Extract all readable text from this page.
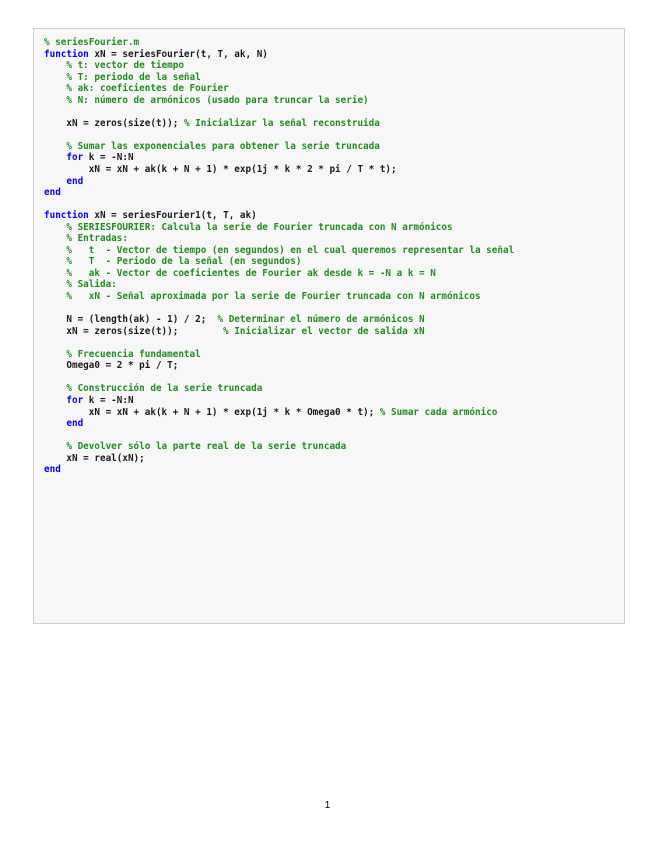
% seriesFourier.m
function xN = seriesFourier(t, T, ak, N)
% t: vector de tiempo
% T: periodo de la señal
% ak: coeficientes de Fourier
% N: número de armónicos (usado para truncar la serie)
xN = zeros(size(t)); % Inicializar la señal reconstruida
% Sumar las exponenciales para obtener la serie truncada
for k = -N:N
xN = xN + ak(k + N + 1) * exp(1j * k * 2 * pi / T * t);
end
end
function xN = seriesFourier1(t, T, ak)
% SERIESFOURIER: Calcula la serie de Fourier truncada con N armónicos
% Entradas:
%   t  - Vector de tiempo (en segundos) en el cual queremos representar la señal
%   T  - Periodo de la señal (en segundos)
%   ak - Vector de coeficientes de Fourier ak desde k = -N a k = N
% Salida:
%   xN - Señal aproximada por la serie de Fourier truncada con N armónicos
N = (length(ak) - 1) / 2;  % Determinar el número de armónicos N
xN = zeros(size(t));        % Inicializar el vector de salida xN
% Frecuencia fundamental
Omega0 = 2 * pi / T;
% Construcción de la serie truncada
for k = -N:N
xN = xN + ak(k + N + 1) * exp(1j * k * Omega0 * t); % Sumar cada armónico
end
% Devolver sólo la parte real de la serie truncada
xN = real(xN);
end
1
